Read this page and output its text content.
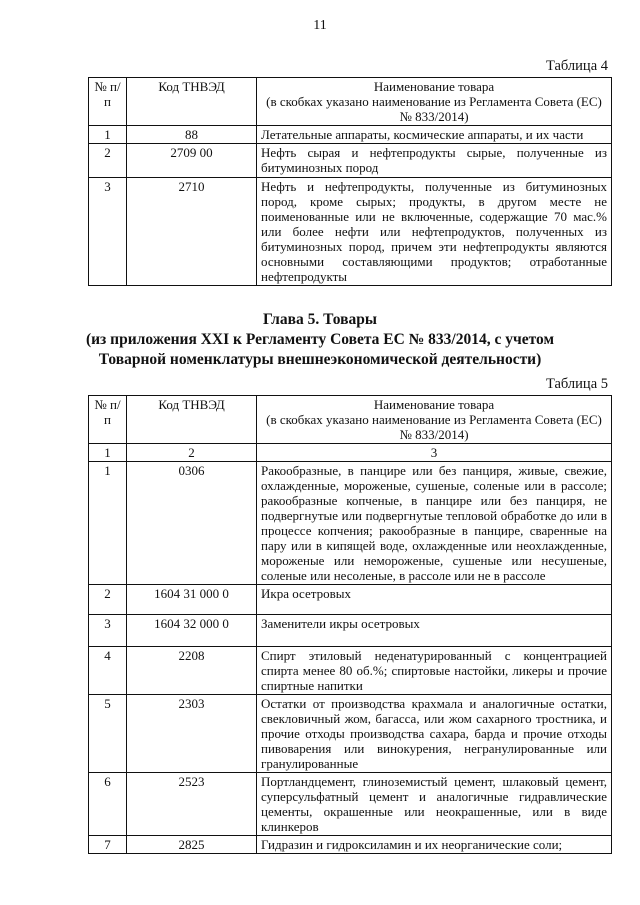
11
Таблица 4
№ п/п	Код ТНВЭД	Наименование товара
(в скобках указано наименование из Регламента Совета (ЕС) № 833/2014)

1	88	Летательные аппараты, космические аппараты, и их части
2	2709 00	Нефть сырая и нефтепродукты сырые, полученные из битуминозных пород
3	2710	Нефть и нефтепродукты, полученные из битуминозных пород, кроме сырых; продукты, в другом месте не поименованные или не включенные, содержащие 70 мас.% или более нефти или нефтепродуктов, полученных из битуминозных пород, причем эти нефтепродукты являются основными составляющими продуктов; отработанные нефтепродукты
Глава 5. Товары
(из приложения XXI к Регламенту Совета ЕС № 833/2014, с учетом
Товарной номенклатуры внешнеэкономической деятельности)
Таблица 5
№ п/п	Код ТНВЭД	Наименование товара
(в скобках указано наименование из Регламента Совета (ЕС) № 833/2014)

1	2	3
1	0306	Ракообразные, в панцире или без панциря, живые, свежие, охлажденные, мороженые, сушеные, соленые или в рассоле; ракообразные копченые, в панцире или без панциря, не подвергнутые или подвергнутые тепловой обработке до или в процессе копчения; ракообразные в панцире, сваренные на пару или в кипящей воде, охлажденные или неохлажденные, мороженые или немороженые, сушеные или несушеные, соленые или несоленые, в рассоле или не в рассоле
2	1604 31 000 0	Икра осетровых
3	1604 32 000 0	Заменители икры осетровых
4	2208	Спирт этиловый неденатурированный с концентрацией спирта менее 80 об.%; спиртовые настойки, ликеры и прочие спиртные напитки
5	2303	Остатки от производства крахмала и аналогичные остатки, свекловичный жом, багасса, или жом сахарного тростника, и прочие отходы производства сахара, барда и прочие отходы пивоварения или винокурения, негранулированные или гранулированные
6	2523	Портландцемент, глиноземистый цемент, шлаковый цемент, суперсульфатный цемент и аналогичные гидравлические цементы, окрашенные или неокрашенные, или в виде клинкеров
7	2825	Гидразин и гидроксиламин и их неорганические соли;
